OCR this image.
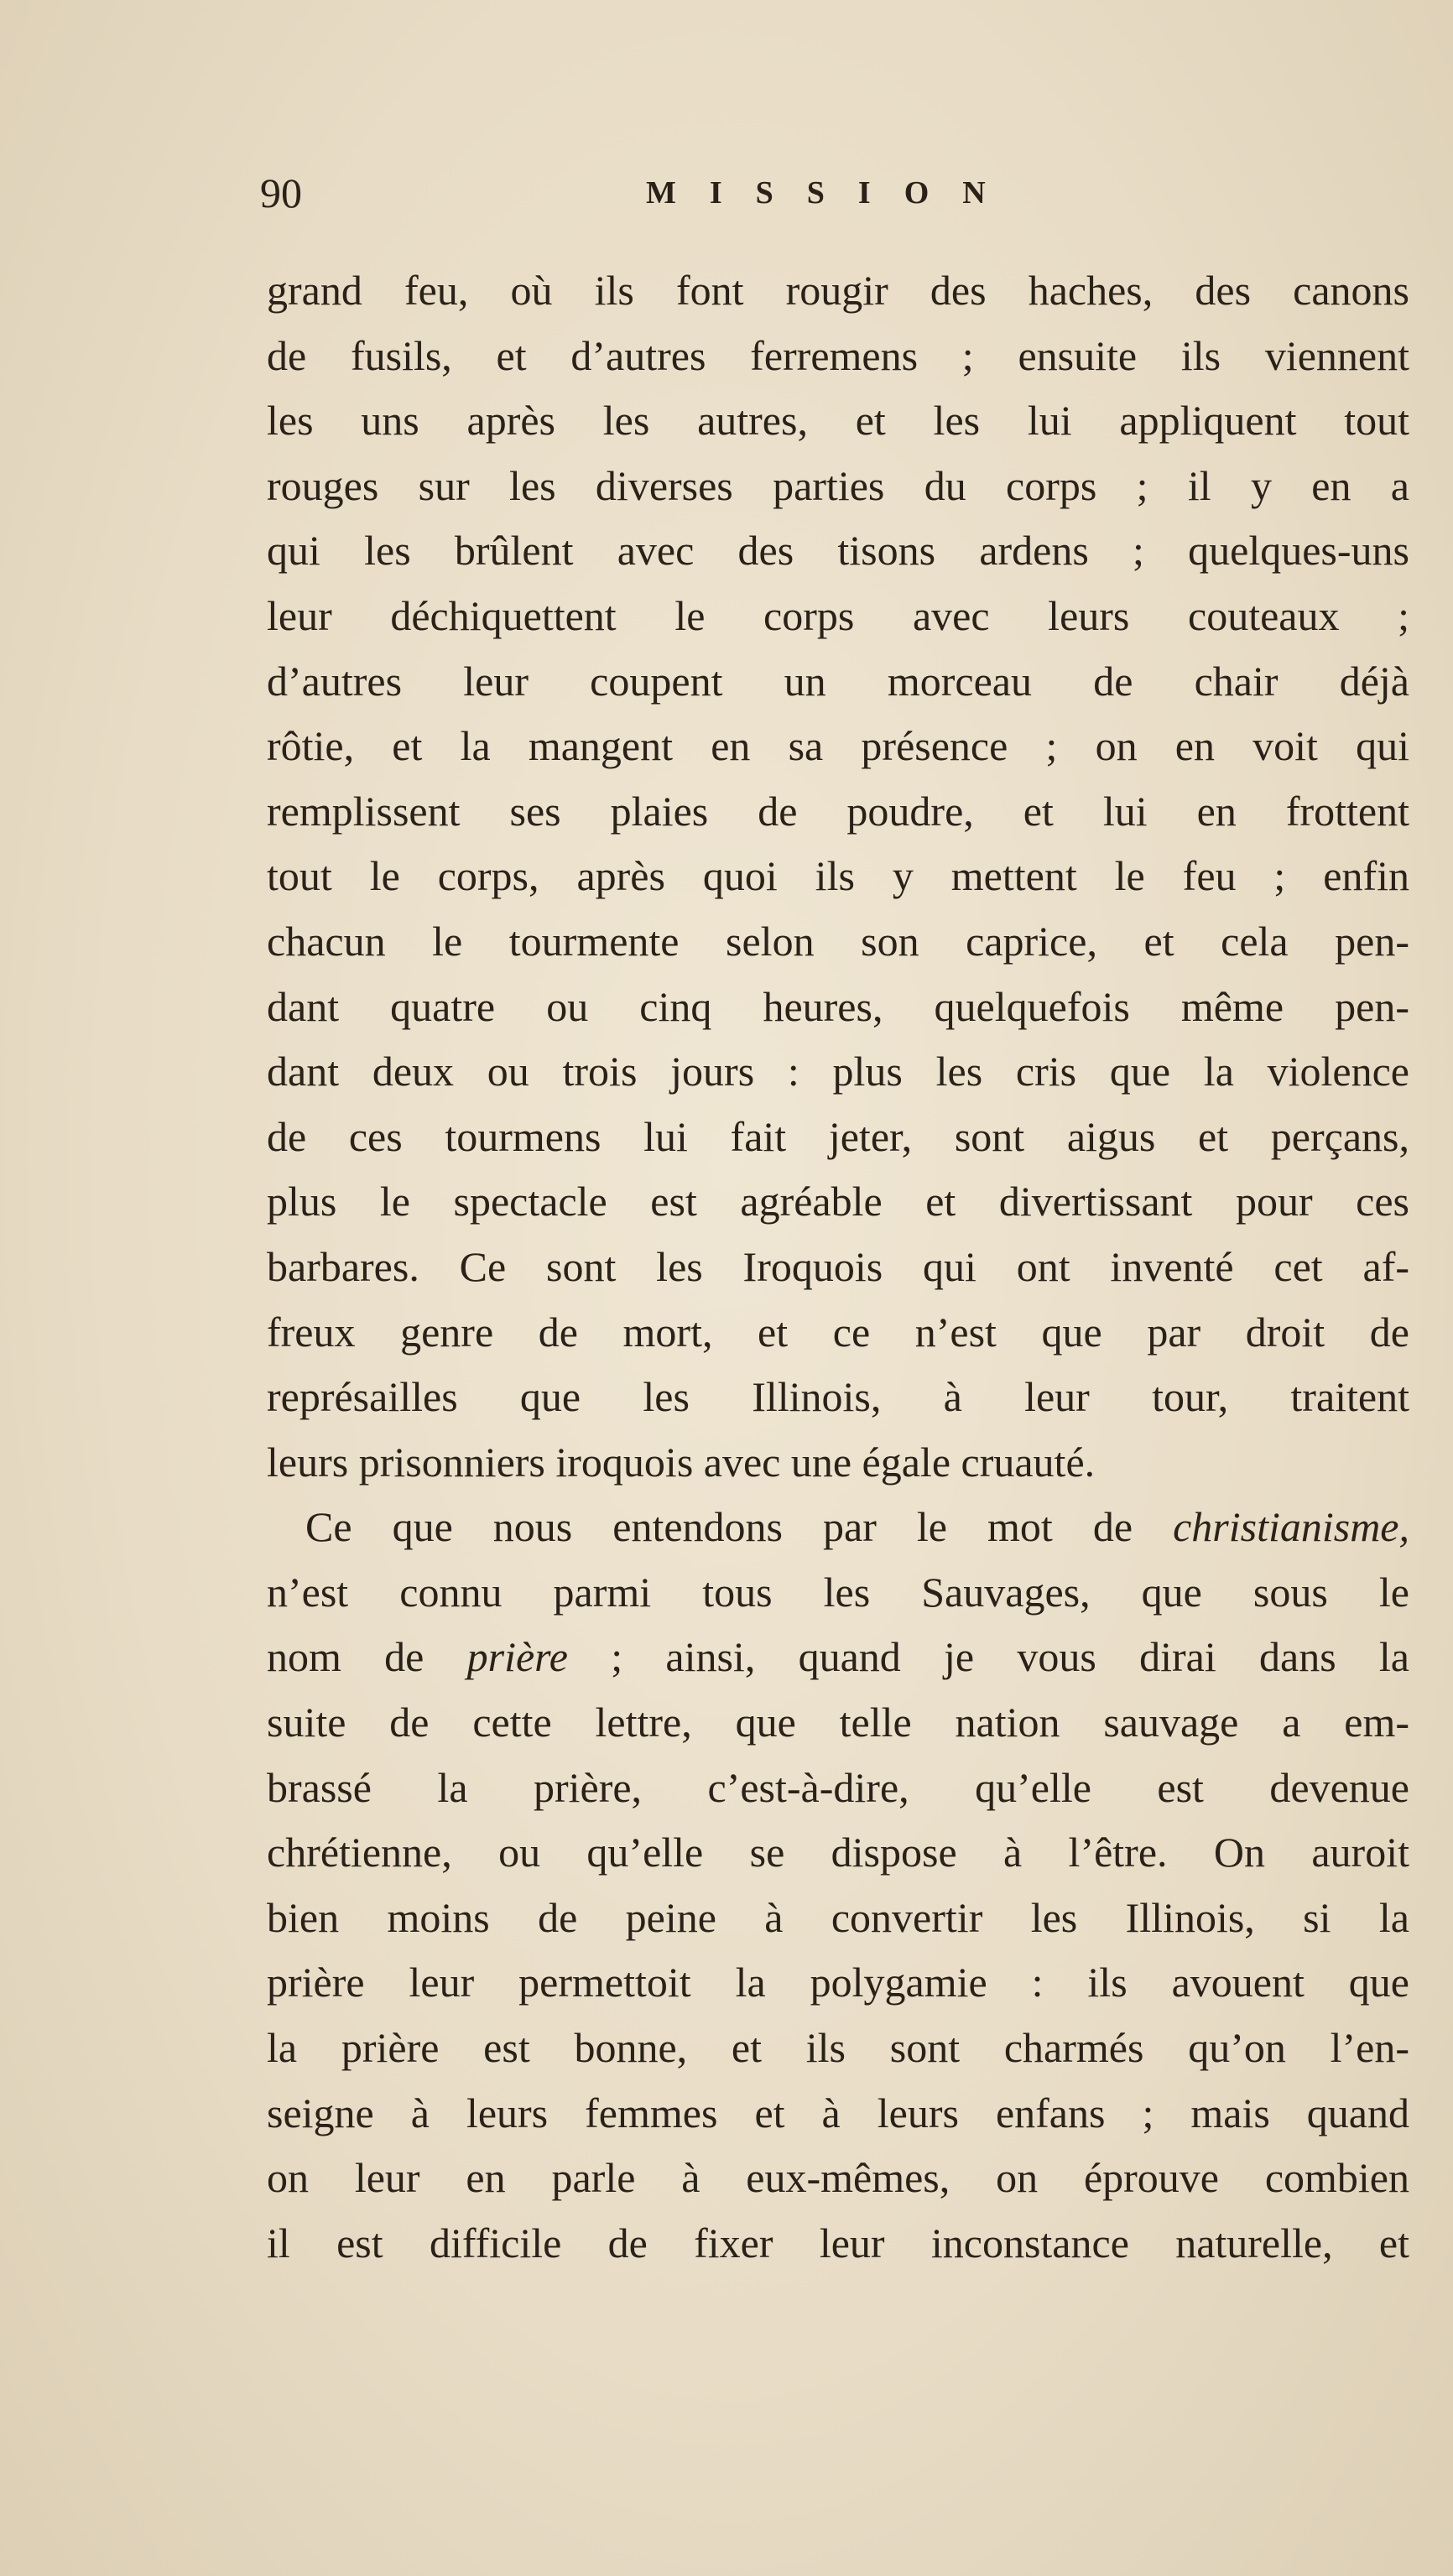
90	MISSION
grand feu, où ils font rougir des haches, des canons
de fusils, et d’autres ferremens ; ensuite ils viennent
les uns après les autres, et les lui appliquent tout
rouges sur les diverses parties du corps ; il y en a
qui les brûlent avec des tisons ardens ; quelques-uns
leur déchiquettent le corps avec leurs couteaux ;
d’autres leur coupent un morceau de chair déjà
rôtie, et la mangent en sa présence ; on en voit qui
remplissent ses plaies de poudre, et lui en frottent
tout le corps, après quoi ils y mettent le feu ; enfin
chacun le tourmente selon son caprice, et cela pen-
dant quatre ou cinq heures, quelquefois même pen-
dant deux ou trois jours : plus les cris que la violence
de ces tourmens lui fait jeter, sont aigus et perçans,
plus le spectacle est agréable et divertissant pour ces
barbares. Ce sont les Iroquois qui ont inventé cet af-
freux genre de mort, et ce n’est que par droit de
représailles que les Illinois, à leur tour, traitent
leurs prisonniers iroquois avec une égale cruauté.
Ce que nous entendons par le mot de christianisme,
n’est connu parmi tous les Sauvages, que sous le
nom de prière ; ainsi, quand je vous dirai dans la
suite de cette lettre, que telle nation sauvage a em-
brassé la prière, c’est-à-dire, qu’elle est devenue
chrétienne, ou qu’elle se dispose à l’être. On auroit
bien moins de peine à convertir les Illinois, si la
prière leur permettoit la polygamie : ils avouent que
la prière est bonne, et ils sont charmés qu’on l’en-
seigne à leurs femmes et à leurs enfans ; mais quand
on leur en parle à eux-mêmes, on éprouve combien
il est difficile de fixer leur inconstance naturelle, et
